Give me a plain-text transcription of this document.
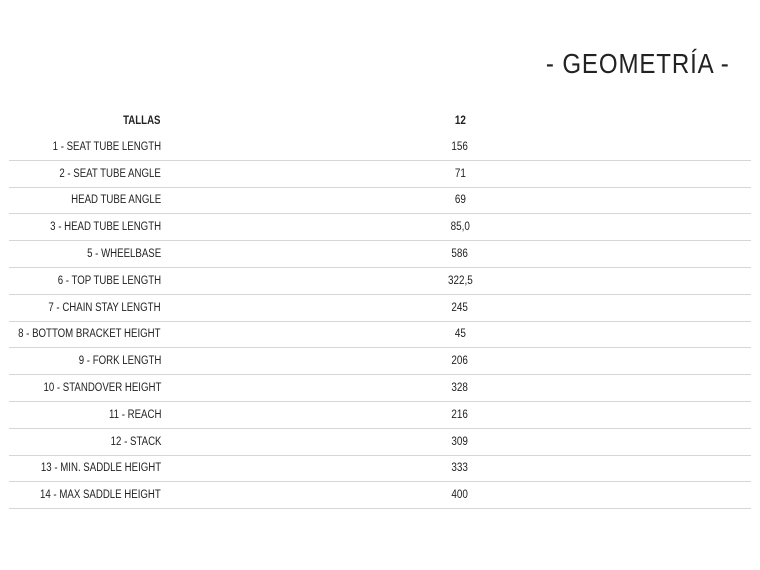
- GEOMETRÍA -
TALLAS	12
1 - SEAT TUBE LENGTH	156
2 - SEAT TUBE ANGLE	71
HEAD TUBE ANGLE	69
3 - HEAD TUBE LENGTH	85,0
5 - WHEELBASE	586
6 - TOP TUBE LENGTH	322,5
7 - CHAIN STAY LENGTH	245
8 - BOTTOM BRACKET HEIGHT	45
9 - FORK LENGTH	206
10 - STANDOVER HEIGHT	328
11 - REACH	216
12 - STACK	309
13 - MIN. SADDLE HEIGHT	333
14 - MAX SADDLE HEIGHT	400
